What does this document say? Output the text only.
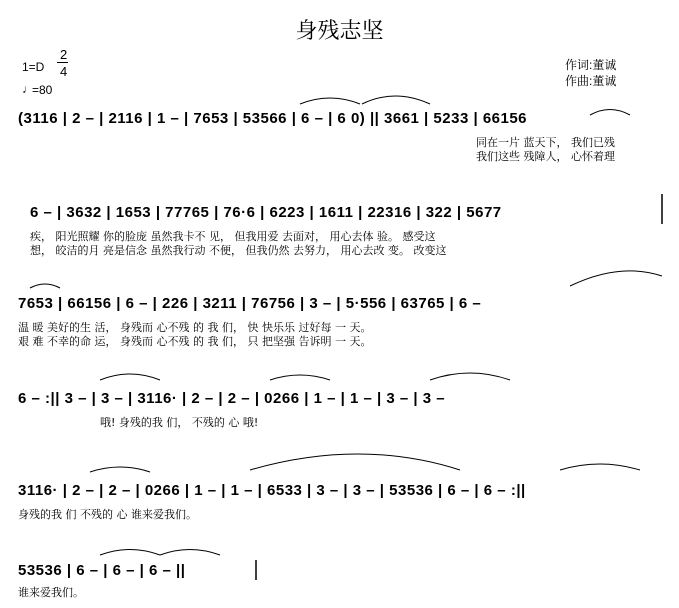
身残志坚
1=D
2
4
♩
=80
作词:董诚
作曲:董诚
(3116 | 2 – | 2116 | 1 – | 7653 | 53566 | 6 – | 6 0) || 3661 | 5233 | 66156
同在一片 蓝天下， 我们已残
我们这些 残障人， 心怀着理
6 – | 3632 | 1653 | 77765 | 76·6 | 6223 | 1611 | 22316 | 322 | 5677
疾， 阳光照耀 你的脸庞 虽然我卡不 见， 但我用爱 去面对， 用心去体 验。 感受这
想， 皎洁的月 亮是信念 虽然我行动 不便， 但我仍然 去努力， 用心去改 变。 改变这
7653 | 66156 | 6 – | 226 | 3211 | 76756 | 3 – | 5·556 | 63765 | 6 –
温 暖 美好的生 活， 身残而 心不残 的 我 们， 快 快乐乐 过好每 一 天。
艰 难 不幸的命 运， 身残而 心不残 的 我 们， 只 把坚强 告诉明 一 天。
6 – :|| 3 – | 3 – | 3116· | 2 – | 2 – | 0266 | 1 – | 1 – | 3 – | 3 –
哦! 身残的我 们， 不残的 心 哦!
3116· | 2 – | 2 – | 0266 | 1 – | 1 – | 6533 | 3 – | 3 – | 53536 | 6 – | 6 – :||
身残的我 们 不残的 心 谁来爱我们。
53536 | 6 – | 6 – | 6 – ||
谁来爱我们。
